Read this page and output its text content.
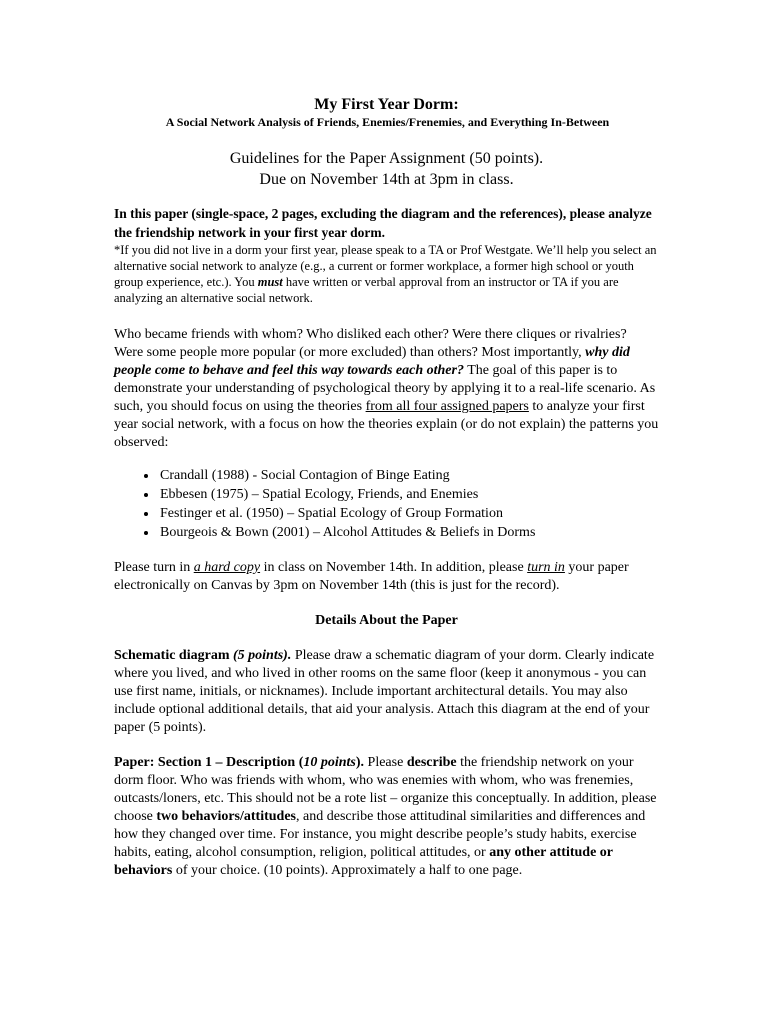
My First Year Dorm:

A Social Network Analysis of Friends, Enemies/Frenemies, and Everything In-Between

Guidelines for the Paper Assignment (50 points).
Due on November 14th at 3pm in class.
In this paper (single-space, 2 pages, excluding the diagram and the references), please analyze the friendship network in your first year dorm.
*If you did not live in a dorm your first year, please speak to a TA or Prof Westgate. We’ll help you select an alternative social network to analyze (e.g., a current or former workplace, a former high school or youth group experience, etc.). You must have written or verbal approval from an instructor or TA if you are analyzing an alternative social network.

Who became friends with whom? Who disliked each other? Were there cliques or rivalries? Were some people more popular (or more excluded) than others? Most importantly, why did people come to behave and feel this way towards each other? The goal of this paper is to demonstrate your understanding of psychological theory by applying it to a real-life scenario. As such, you should focus on using the theories from all four assigned papers to analyze your first year social network, with a focus on how the theories explain (or do not explain) the patterns you observed:

• Crandall (1988) - Social Contagion of Binge Eating
• Ebbesen (1975) – Spatial Ecology, Friends, and Enemies
• Festinger et al. (1950) – Spatial Ecology of Group Formation
• Bourgeois & Bown (2001) – Alcohol Attitudes & Beliefs in Dorms

Please turn in a hard copy in class on November 14th. In addition, please turn in your paper electronically on Canvas by 3pm on November 14th (this is just for the record).

Details About the Paper

Schematic diagram (5 points). Please draw a schematic diagram of your dorm. Clearly indicate where you lived, and who lived in other rooms on the same floor (keep it anonymous - you can use first name, initials, or nicknames). Include important architectural details. You may also include optional additional details, that aid your analysis. Attach this diagram at the end of your paper (5 points).

Paper: Section 1 – Description (10 points). Please describe the friendship network on your dorm floor. Who was friends with whom, who was enemies with whom, who was frenemies, outcasts/loners, etc. This should not be a rote list – organize this conceptually. In addition, please choose two behaviors/attitudes, and describe those attitudinal similarities and differences and how they changed over time. For instance, you might describe people’s study habits, exercise habits, eating, alcohol consumption, religion, political attitudes, or any other attitude or behaviors of your choice. (10 points). Approximately a half to one page.
